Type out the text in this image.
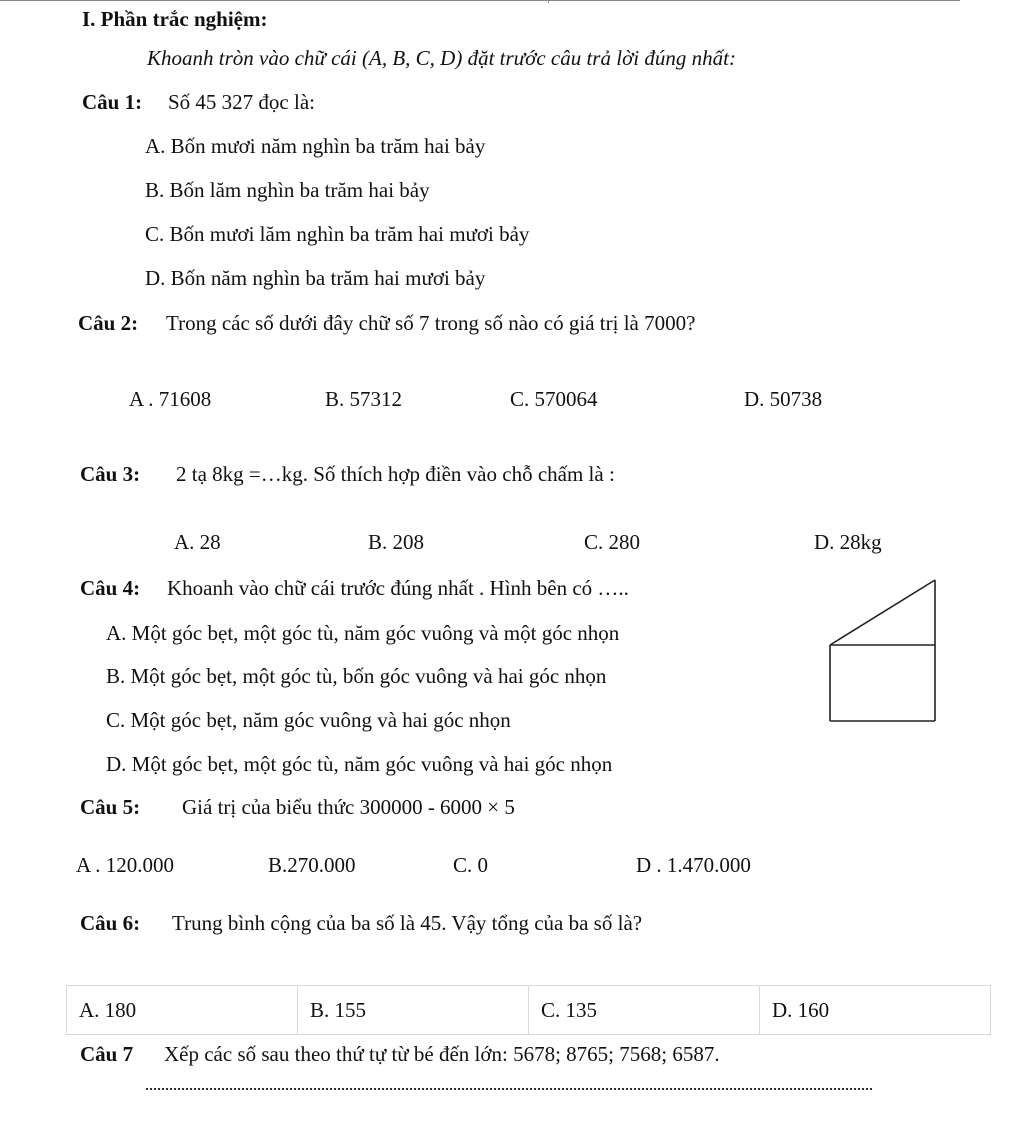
I. Phần trắc nghiệm:
Khoanh tròn vào chữ cái (A, B, C, D) đặt trước câu trả lời đúng nhất:
Câu 1: Số 45 327 đọc là:
A. Bốn mươi năm nghìn ba trăm hai bảy
B. Bốn lăm nghìn ba trăm hai bảy
C. Bốn mươi lăm nghìn ba trăm hai mươi bảy
D. Bốn năm nghìn ba trăm hai mươi bảy
Câu 2: Trong các số dưới đây chữ số 7 trong số nào có giá trị là 7000?
A . 71608	B. 57312	C. 570064	D. 50738
Câu 3: 2 tạ 8kg =…kg. Số thích hợp điền vào chỗ chấm là :
A. 28	B. 208	C. 280	D. 28kg
Câu 4: Khoanh vào chữ cái trước đúng nhất . Hình bên có …..
A. Một góc bẹt, một góc tù, năm góc vuông và một góc nhọn
B. Một góc bẹt, một góc tù, bốn góc vuông và hai góc nhọn
C. Một góc bẹt, năm góc vuông và hai góc nhọn
D. Một góc bẹt, một góc tù, năm góc vuông và hai góc nhọn
Câu 5: Giá trị của biểu thức 300000 - 6000 × 5
A . 120.000	B.270.000	C. 0	D . 1.470.000
Câu 6: Trung bình cộng của ba số là 45. Vậy tổng của ba số là?
A. 180	B. 155	C. 135	D. 160
Câu 7 Xếp các số sau theo thứ tự từ bé đến lớn: 5678; 8765; 7568; 6587.
